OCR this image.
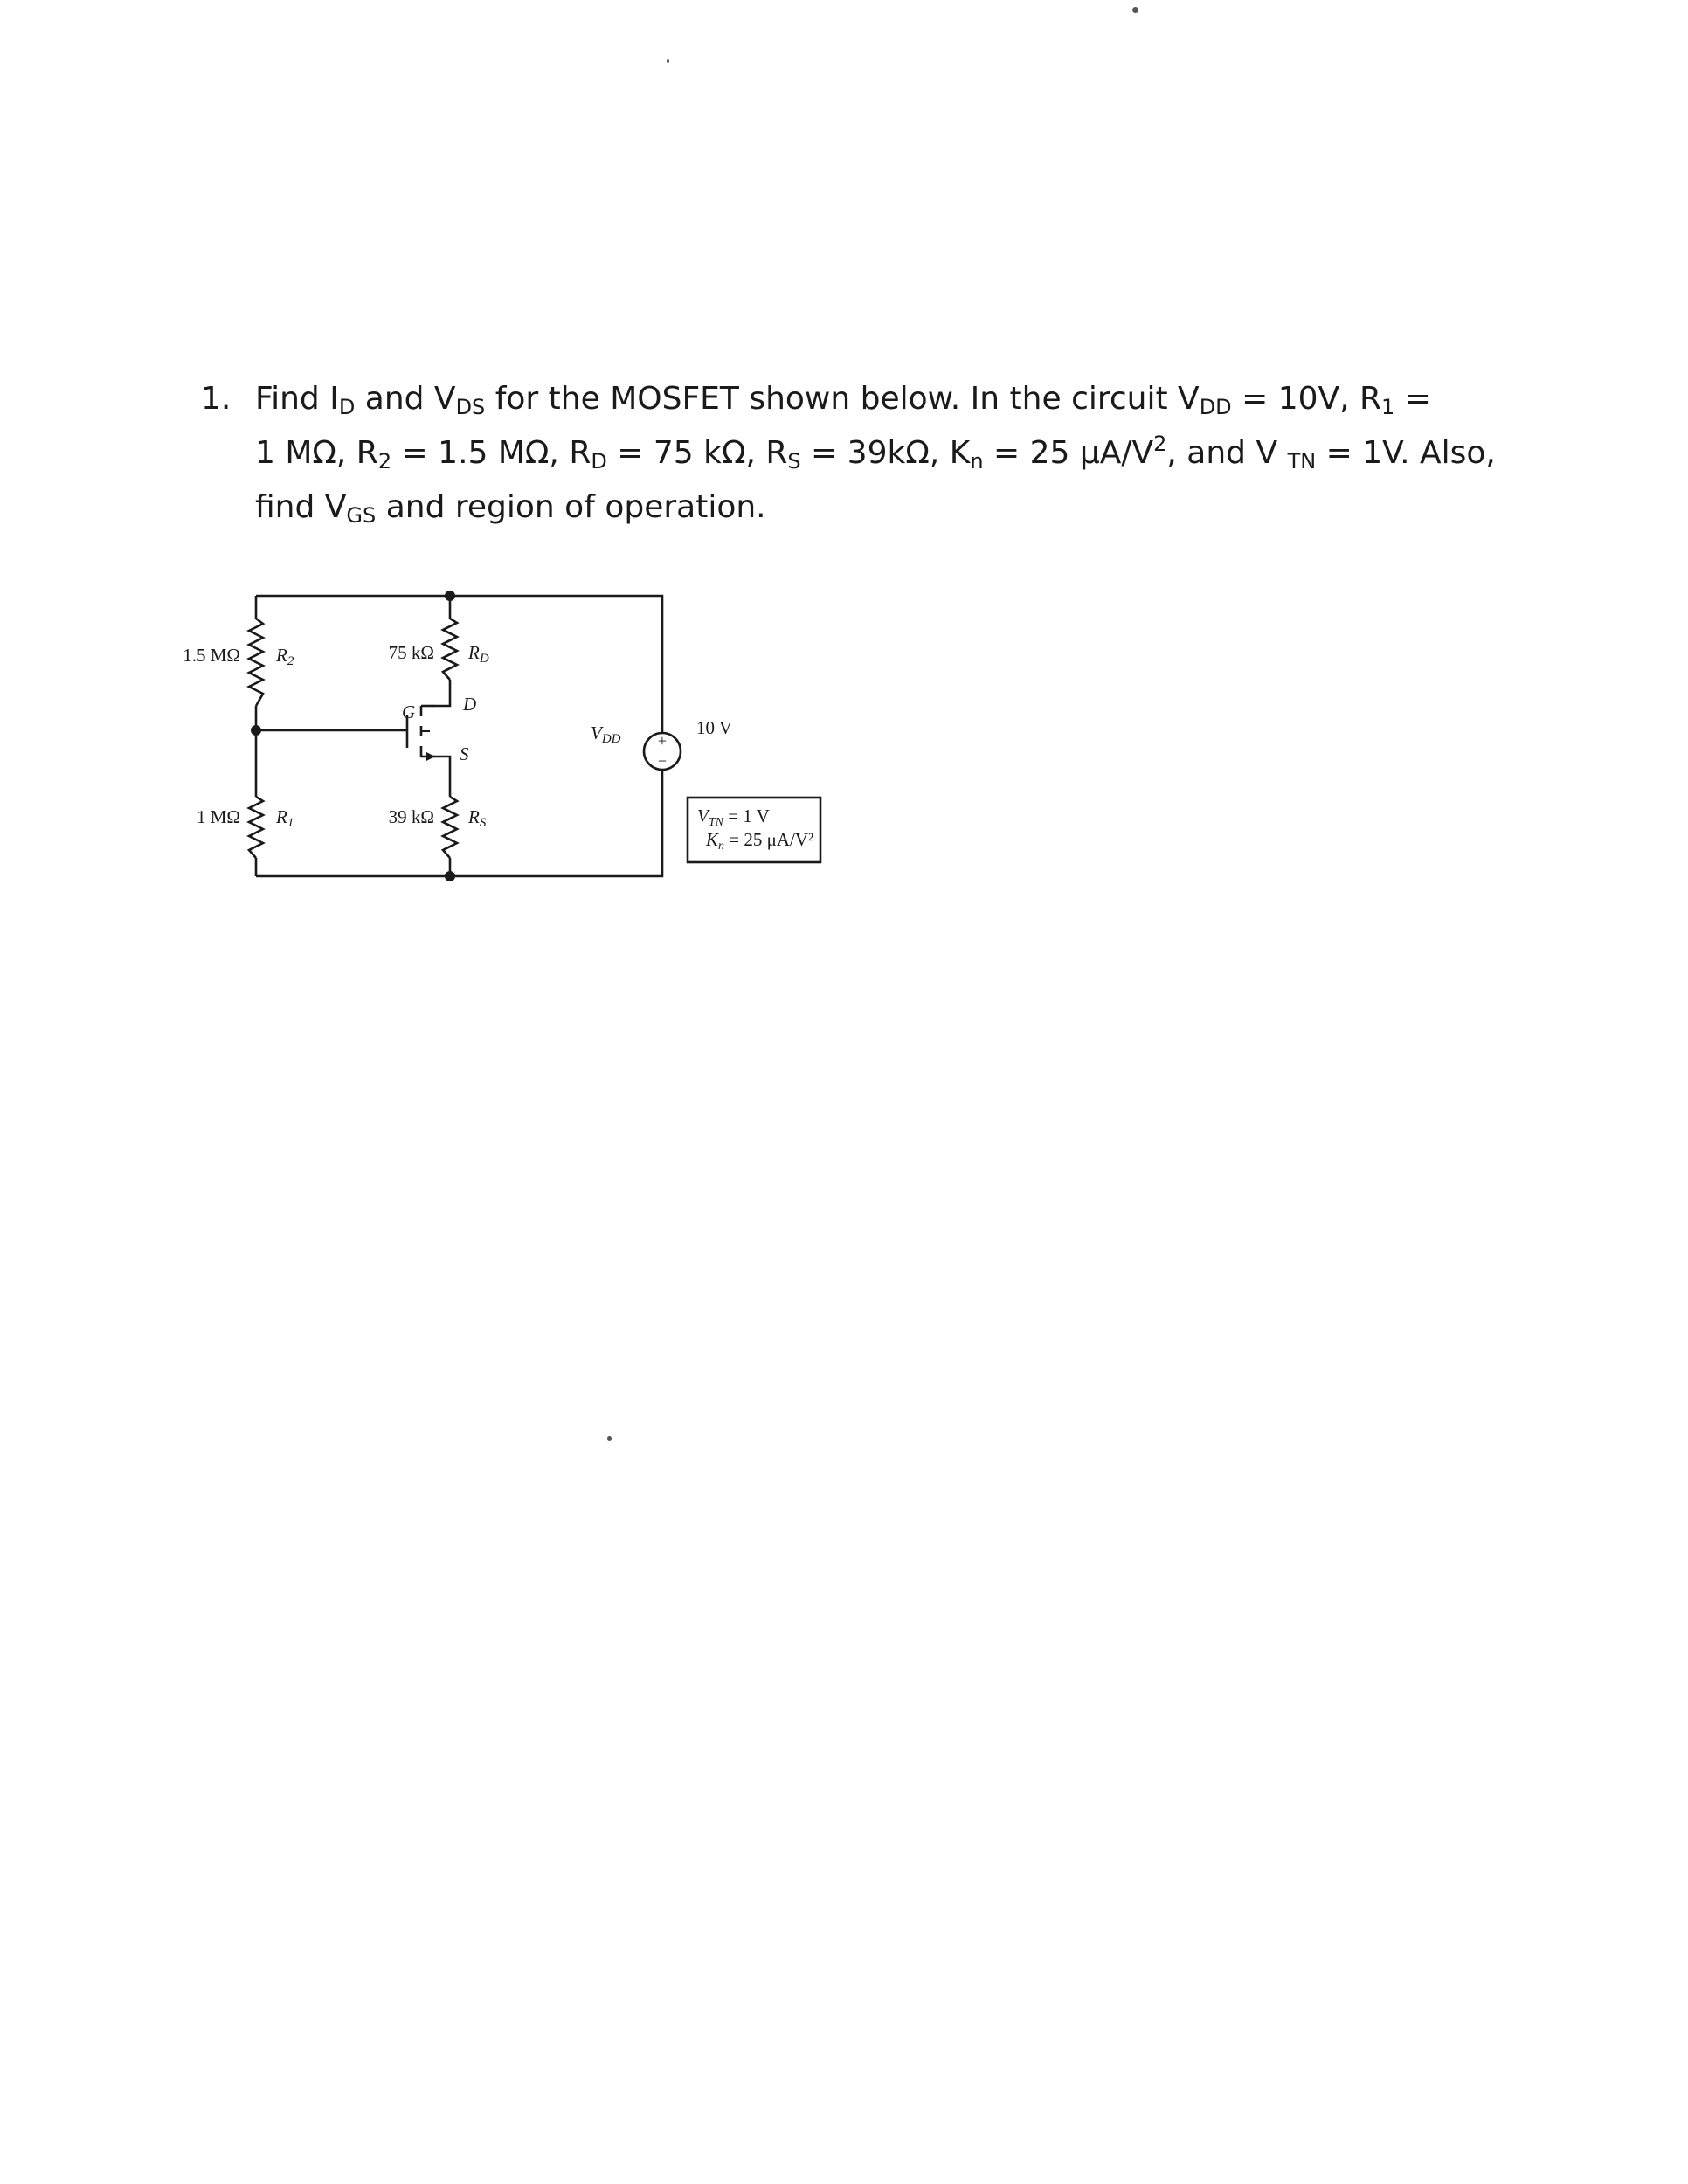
1. Find $I_D$ and $V_{DS}$ for the MOSFET shown below. In the circuit $V_{DD} = 10V$, $R_1$ =
1 MΩ, $R_2 = 1.5$ MΩ, $R_D = 75$ kΩ, $R_S = 39k\Omega$, $K_n = 25$ $\mu A/V^2$, and V $_{TN}$ = 1V. Also,
find $V_{GS}$ and region of operation.
+
−
1.5 MΩ R2
1 MΩ R1
75 kΩ RD
39 kΩ RS
G	D
S
VDD
10 V
VTN = 1 V
Kn = 25 μA/V²
